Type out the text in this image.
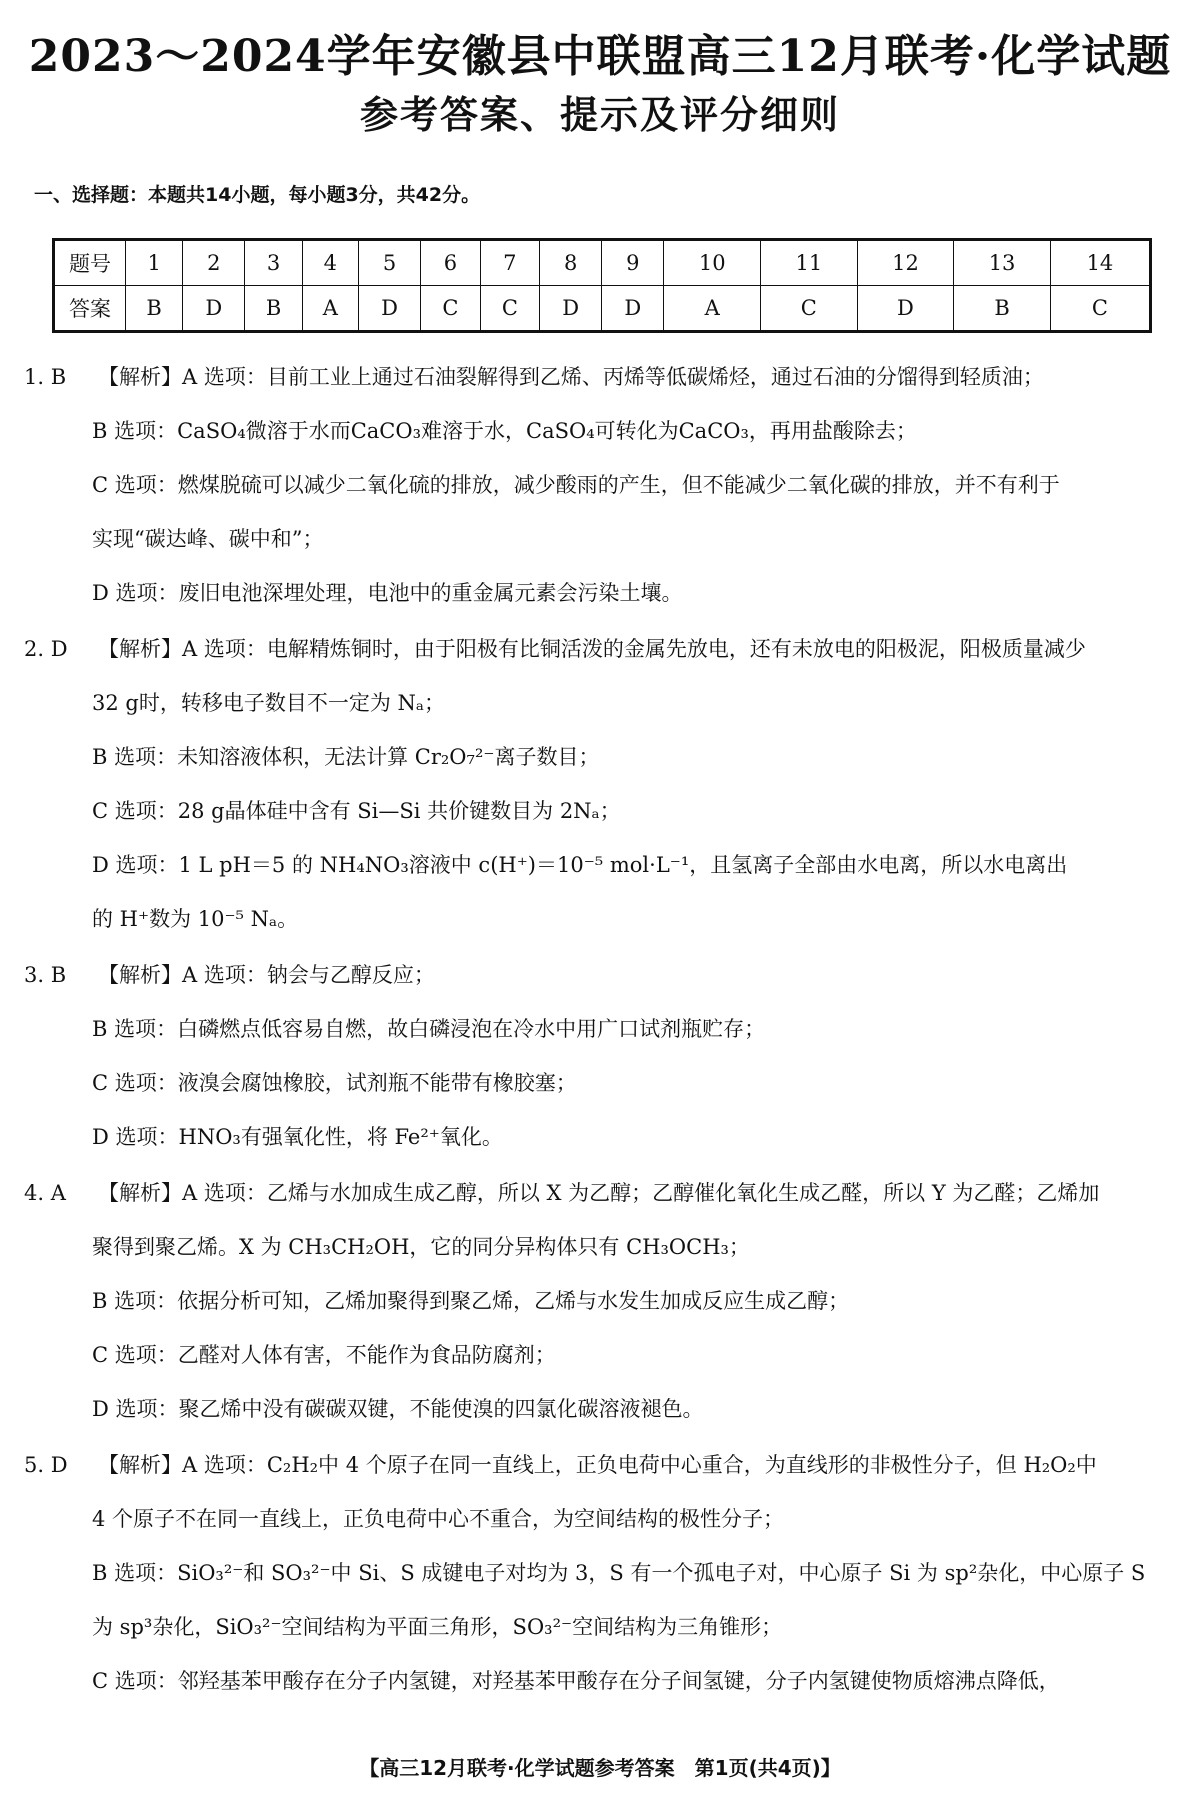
2023～2024学年安徽县中联盟高三12月联考·化学试题
参考答案、提示及评分细则
一、选择题：本题共14小题，每小题3分，共42分。
题号	1	2	3	4	5	6	7	8	9	10	11	12	13	14
答案	B	D	B	A	D	C	C	D	D	A	C	D	B	C
1. B 【解析】A 选项：目前工业上通过石油裂解得到乙烯、丙烯等低碳烯烃，通过石油的分馏得到轻质油；
B 选项：CaSO₄微溶于水而CaCO₃难溶于水，CaSO₄可转化为CaCO₃，再用盐酸除去；
C 选项：燃煤脱硫可以减少二氧化硫的排放，减少酸雨的产生，但不能减少二氧化碳的排放，并不有利于
实现“碳达峰、碳中和”；
D 选项：废旧电池深埋处理，电池中的重金属元素会污染土壤。
2. D 【解析】A 选项：电解精炼铜时，由于阳极有比铜活泼的金属先放电，还有未放电的阳极泥，阳极质量减少
32 g时，转移电子数目不一定为 Nₐ；
B 选项：未知溶液体积，无法计算 Cr₂O₇²⁻离子数目；
C 选项：28 g晶体硅中含有 Si—Si 共价键数目为 2Nₐ；
D 选项：1 L pH＝5 的 NH₄NO₃溶液中 c(H⁺)＝10⁻⁵ mol·L⁻¹，且氢离子全部由水电离，所以水电离出
的 H⁺数为 10⁻⁵ Nₐ。
3. B 【解析】A 选项：钠会与乙醇反应；
B 选项：白磷燃点低容易自燃，故白磷浸泡在冷水中用广口试剂瓶贮存；
C 选项：液溴会腐蚀橡胶，试剂瓶不能带有橡胶塞；
D 选项：HNO₃有强氧化性，将 Fe²⁺氧化。
4. A 【解析】A 选项：乙烯与水加成生成乙醇，所以 X 为乙醇；乙醇催化氧化生成乙醛，所以 Y 为乙醛；乙烯加
聚得到聚乙烯。X 为 CH₃CH₂OH，它的同分异构体只有 CH₃OCH₃；
B 选项：依据分析可知，乙烯加聚得到聚乙烯，乙烯与水发生加成反应生成乙醇；
C 选项：乙醛对人体有害，不能作为食品防腐剂；
D 选项：聚乙烯中没有碳碳双键，不能使溴的四氯化碳溶液褪色。
5. D 【解析】A 选项：C₂H₂中 4 个原子在同一直线上，正负电荷中心重合，为直线形的非极性分子，但 H₂O₂中
4 个原子不在同一直线上，正负电荷中心不重合，为空间结构的极性分子；
B 选项：SiO₃²⁻和 SO₃²⁻中 Si、S 成键电子对均为 3，S 有一个孤电子对，中心原子 Si 为 sp²杂化，中心原子 S
为 sp³杂化，SiO₃²⁻空间结构为平面三角形，SO₃²⁻空间结构为三角锥形；
C 选项：邻羟基苯甲酸存在分子内氢键，对羟基苯甲酸存在分子间氢键，分子内氢键使物质熔沸点降低，
【高三12月联考·化学试题参考答案　第1页(共4页)】
